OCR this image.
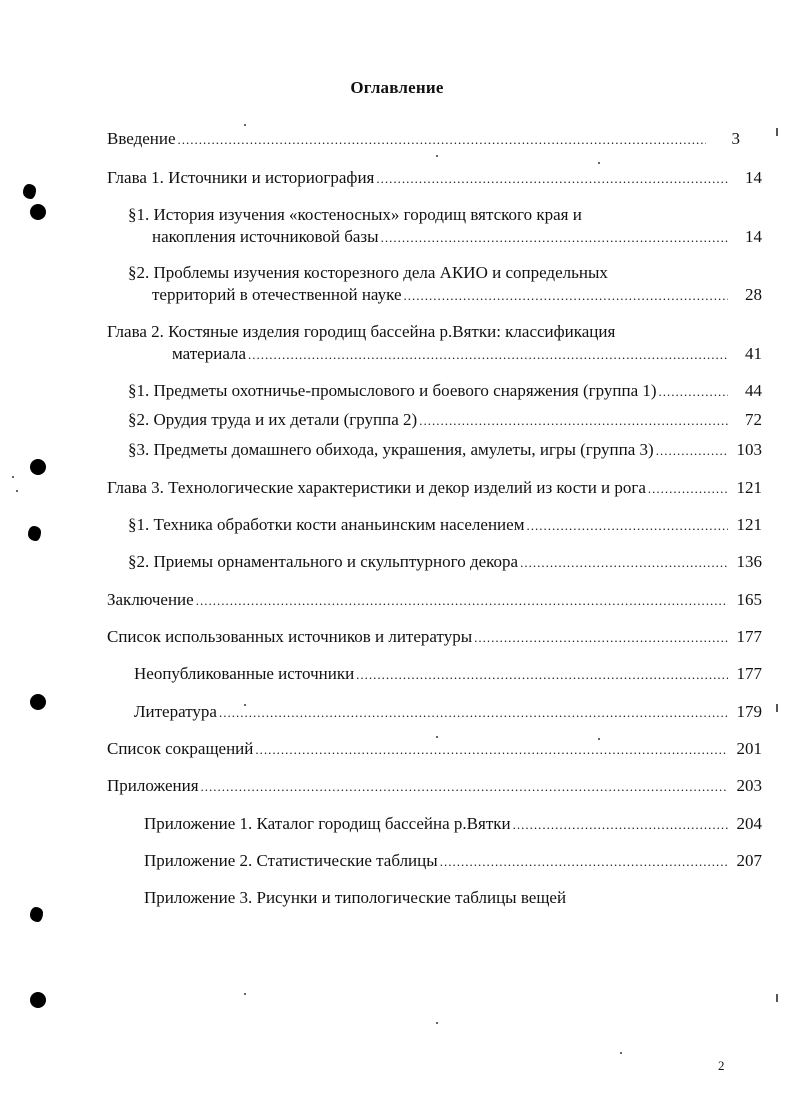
Оглавление
Введение .....	3
Глава 1. Источники и историография .....	14
§1. История изучения «костеносных» городищ вятского края и
накопления источниковой базы .....	14
§2. Проблемы изучения косторезного дела АКИО и сопредельных
территорий в отечественной науке .....	28
Глава 2. Костяные изделия городищ бассейна р.Вятки: классификация
материала .....	41
§1. Предметы охотничье-промыслового и боевого снаряжения (группа 1) .....	44
§2. Орудия труда и их детали (группа 2) .....	72
§3. Предметы домашнего обихода, украшения, амулеты, игры (группа 3) .....	103
Глава 3. Технологические характеристики и декор изделий из кости и рога .....	121
§1. Техника обработки кости ананьинским населением .....	121
§2. Приемы орнаментального и скульптурного декора .....	136
Заключение .....	165
Список использованных источников и литературы .....	177
Неопубликованные источники .....	177
Литература .....	179
Список сокращений .....	201
Приложения .....	203
Приложение 1. Каталог городищ бассейна р.Вятки .....	204
Приложение 2. Статистические таблицы .....	207
Приложение 3. Рисунки и типологические таблицы вещей
2
